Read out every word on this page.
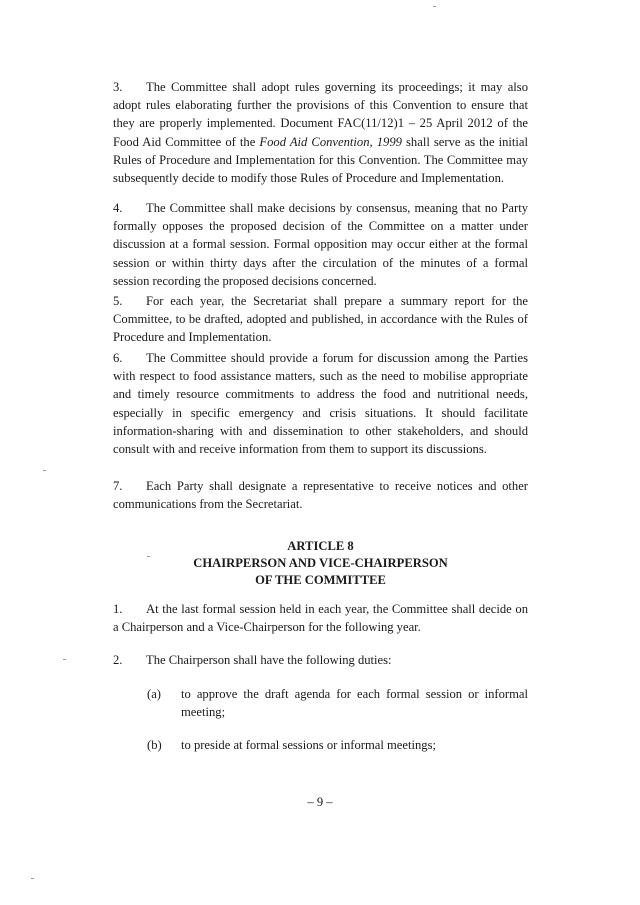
3. The Committee shall adopt rules governing its proceedings; it may also adopt rules elaborating further the provisions of this Convention to ensure that they are properly implemented. Document FAC(11/12)1 – 25 April 2012 of the Food Aid Committee of the Food Aid Convention, 1999 shall serve as the initial Rules of Procedure and Implementation for this Convention. The Committee may subsequently decide to modify those Rules of Procedure and Implementation.
4. The Committee shall make decisions by consensus, meaning that no Party formally opposes the proposed decision of the Committee on a matter under discussion at a formal session. Formal opposition may occur either at the formal session or within thirty days after the circulation of the minutes of a formal session recording the proposed decisions concerned.
5. For each year, the Secretariat shall prepare a summary report for the Committee, to be drafted, adopted and published, in accordance with the Rules of Procedure and Implementation.
6. The Committee should provide a forum for discussion among the Parties with respect to food assistance matters, such as the need to mobilise appropriate and timely resource commitments to address the food and nutritional needs, especially in specific emergency and crisis situations. It should facilitate information-sharing with and dissemination to other stakeholders, and should consult with and receive information from them to support its discussions.
7. Each Party shall designate a representative to receive notices and other communications from the Secretariat.
ARTICLE 8
CHAIRPERSON AND VICE-CHAIRPERSON
OF THE COMMITTEE
1. At the last formal session held in each year, the Committee shall decide on a Chairperson and a Vice-Chairperson for the following year.
2. The Chairperson shall have the following duties:
(a) to approve the draft agenda for each formal session or informal meeting;
(b) to preside at formal sessions or informal meetings;
– 9 –
